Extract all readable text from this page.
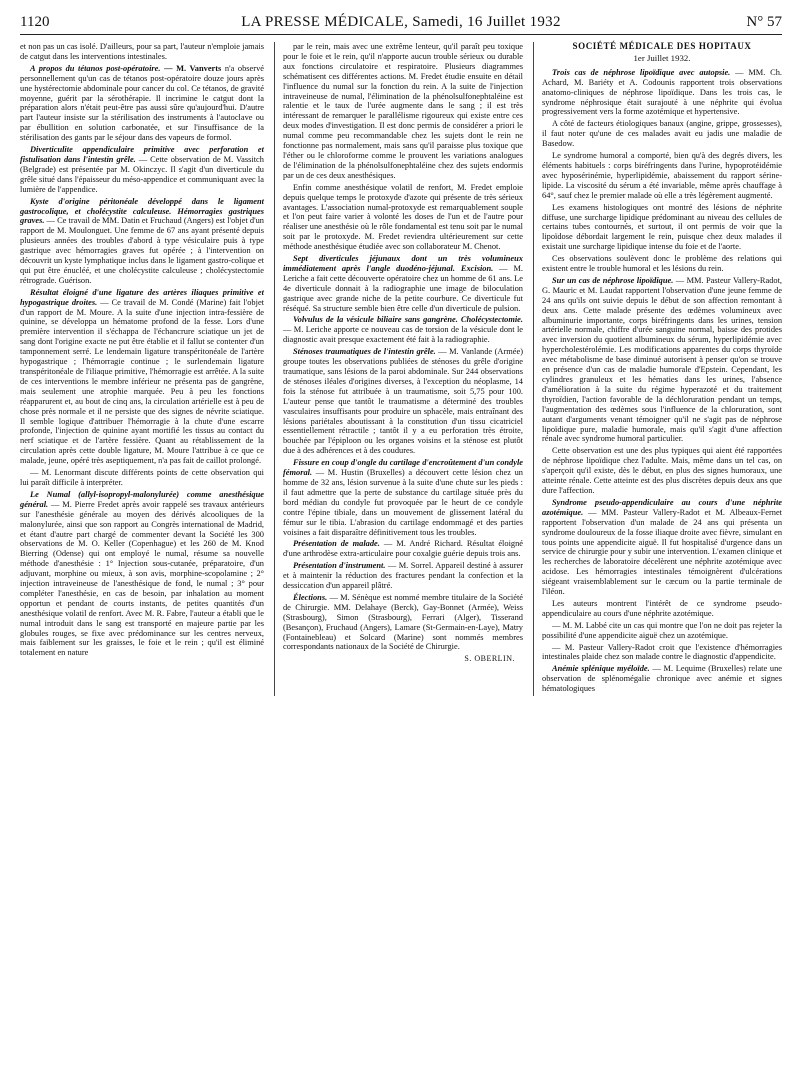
1120	LA PRESSE MÉDICALE, Samedi, 16 Juillet 1932	N° 57

et non pas un cas isolé. D'ailleurs, pour sa part, l'auteur n'emploie jamais de catgut dans les interventions intestinales.

A propos du tétanos post-opératoire. — M. Vanverts n'a observé personnellement qu'un cas de tétanos post-opératoire douze jours après une hystérectomie abdominale pour cancer du col. Ce tétanos, de gravité moyenne, guérit par la sérothérapie. Il incrimine le catgut dont la préparation alors n'était peut-être pas aussi sûre qu'aujourd'hui. D'autre part l'auteur insiste sur la stérilisation des instruments à l'autoclave ou par ébullition en solution carbonatée, et sur l'insuffisance de la stérilisation des gants par le séjour dans des vapeurs de formol.

Diverticulite appendiculaire primitive avec perforation et fistulisation dans l'intestin grêle. — Cette observation de M. Vassitch (Belgrade) est présentée par M. Okinczyc. Il s'agit d'un diverticule du grêle situé dans l'épaisseur du méso-appendice et communiquant avec la lumière de l'appendice.

Kyste d'origine péritonéale développé dans le ligament gastrocolique, et cholécystite calculeuse. Hémorragies gastriques graves. — Ce travail de MM. Datin et Fruchaud (Angers) est l'objet d'un rapport de M. Moulonguet. Une femme de 67 ans ayant présenté depuis plusieurs années des troubles d'abord à type vésiculaire puis à type gastrique avec hémorragies graves fut opérée ; à l'intervention on découvrit un kyste lymphatique inclus dans le ligament gastro-colique et qui put être énucléé, et une cholécystite calculeuse ; cholécystectomie rétrograde. Guérison.

Résultat éloigné d'une ligature des artères iliaques primitive et hypogastrique droites. — Ce travail de M. Condé (Marine) fait l'objet d'un rapport de M. Moure. A la suite d'une injection intra-fessière de quinine, se développa un hématome profond de la fesse. Lors d'une première intervention il s'échappa de l'échancrure sciatique un jet de sang dont l'origine exacte ne put être établie et il fallut se contenter d'un tamponnement serré. Le lendemain ligature transpéritonéale de l'artère hypogastrique ; l'hémorragie continue ; le surlendemain ligature transpéritonéale de l'iliaque primitive, l'hémorragie est arrêtée. A la suite de ces interventions le membre inférieur ne présenta pas de gangrène, mais seulement une atrophie marquée. Peu à peu les fonctions réapparurent et, au bout de cinq ans, la circulation artérielle est à peu de chose près normale et il ne persiste que des signes de névrite sciatique. Il semble logique d'attribuer l'hémorragie à la chute d'une escarre profonde, l'injection de quinine ayant mortifié les tissus au contact du nerf sciatique et de l'artère fessière. Quant au rétablissement de la circulation après cette double ligature, M. Moure l'attribue à ce que ce malade, jeune, opéré très aseptiquement, n'a pas fait de caillot prolongé.

— M. Lenormant discute différents points de cette observation qui lui paraît difficile à interpréter.

Le Numal (allyl-isopropyl-malonylurée) comme anesthésique général. — M. Pierre Fredet après avoir rappelé ses travaux antérieurs sur l'anesthésie générale au moyen des dérivés alcooliques de la malonylurée, ainsi que son rapport au Congrès international de Madrid, et étant d'autre part chargé de commenter devant la Société les 300 observations de M. O. Keller (Copenhague) et les 260 de M. Knod Bierring (Odense) qui ont employé le numal, résume sa nouvelle méthode d'anesthésie : 1° Injection sous-cutanée, préparatoire, d'un adjuvant, morphine ou mieux, à son avis, morphine-scopolamine ; 2° injection intraveineuse de l'anesthésique de fond, le numal ; 3° pour compléter l'anesthésie, en cas de besoin, par inhalation au moment opportun et pendant de courts instants, de petites quantités d'un anesthésique volatil de renfort. Avec M. R. Fabre, l'auteur a établi que le numal introduit dans le sang est transporté en majeure partie par les globules rouges, se fixe avec prédominance sur les centres nerveux, mais faiblement sur les graisses, le foie et le rein ; qu'il est éliminé totalement en nature

par le rein, mais avec une extrême lenteur, qu'il paraît peu toxique pour le foie et le rein, qu'il n'apporte aucun trouble sérieux ou durable aux fonctions circulatoire et respiratoire. Plusieurs diagrammes schématisent ces différentes actions. M. Fredet étudie ensuite en détail l'influence du numal sur la fonction du rein. A la suite de l'injection intraveineuse de numal, l'élimination de la phénolsulfonephtaléine est ralentie et le taux de l'urée augmente dans le sang ; il est très intéressant de remarquer le parallélisme rigoureux qui existe entre ces deux modes d'investigation. Il est donc permis de considérer a priori le numal comme peu recommandable chez les sujets dont le rein ne fonctionne pas normalement, mais sans qu'il paraisse plus toxique que l'éther ou le chloroforme comme le prouvent les variations analogues de l'élimination de la phénolsulfonephtaléine chez des sujets endormis par un de ces deux anesthésiques.

Enfin comme anesthésique volatil de renfort, M. Fredet emploie depuis quelque temps le protoxyde d'azote qui présente de très sérieux avantages. L'association numal-protoxyde est remarquablement souple et l'on peut faire varier à volonté les doses de l'un et de l'autre pour réaliser une anesthésie où le rôle fondamental est tenu soit par le numal soit par le protoxyde. M. Fredet reviendra ultérieurement sur cette méthode anesthésique étudiée avec son collaborateur M. Chenot.

Sept diverticules jéjunaux dont un très volumineux immédiatement après l'angle duodéno-jéjunal. Excision. — M. Leriche a fait cette découverte opératoire chez un homme de 61 ans. Le 4e diverticule donnait à la radiographie une image de biloculation gastrique avec grande niche de la petite courbure. Ce diverticule fut réséqué. Sa structure semble bien être celle d'un diverticule de pulsion.

Volvulus de la vésicule biliaire sans gangrène. Cholécystectomie. — M. Leriche apporte ce nouveau cas de torsion de la vésicule dont le diagnostic avait presque exactement été fait à la radiographie.

Sténoses traumatiques de l'intestin grêle. — M. Vanlande (Armée) groupe toutes les observations publiées de sténoses du grêle d'origine traumatique, sans lésions de la paroi abdominale. Sur 244 observations de sténoses iléales d'origines diverses, à l'exception du néoplasme, 14 fois la sténose fut attribuée à un traumatisme, soit 5,75 pour 100. L'auteur pense que tantôt le traumatisme a déterminé des troubles vasculaires insuffisants pour produire un sphacèle, mais entraînant des lésions pariétales aboutissant à la constitution d'un tissu cicatriciel essentiellement rétractile ; tantôt il y a eu perforation très étroite, bouchée par l'épiploon ou les organes voisins et la sténose est plutôt due à des adhérences et à des coudures.

Fissure en coup d'ongle du cartilage d'encroûtement d'un condyle fémoral. — M. Hustin (Bruxelles) a découvert cette lésion chez un homme de 32 ans, lésion survenue à la suite d'une chute sur les pieds : il faut admettre que la perte de substance du cartilage située près du bord médian du condyle fut provoquée par le heurt de ce condyle contre l'épine tibiale, dans un mouvement de glissement latéral du fémur sur le tibia. L'abrasion du cartilage endommagé et des parties voisines a fait disparaître définitivement tous les troubles.

Présentation de malade. — M. André Richard. Résultat éloigné d'une arthrodèse extra-articulaire pour coxalgie guérie depuis trois ans.

Présentation d'instrument. — M. Sorrel. Appareil destiné à assurer et à maintenir la réduction des fractures pendant la confection et la dessiccation d'un appareil plâtré.

Élections. — M. Sénèque est nommé membre titulaire de la Société de Chirurgie. MM. Delahaye (Berck), Gay-Bonnet (Armée), Weiss (Strasbourg), Simon (Strasbourg), Ferrari (Alger), Tisserand (Besançon), Fruchaud (Angers), Lamare (St-Germain-en-Laye), Matry (Fontainebleau) et Solcard (Marine) sont nommés membres correspondants nationaux de la Société de Chirurgie.

S. OBERLIN.
SOCIÉTÉ MÉDICALE DES HOPITAUX
1er Juillet 1932.

Trois cas de néphrose lipoïdique avec autopsie. — MM. Ch. Achard, M. Bariéty et A. Codounis rapportent trois observations anatomo-cliniques de néphrose lipoïdique. Dans les trois cas, le syndrome néphrosique était surajouté à une néphrite qui évolua progressivement vers la forme azotémique et hypertensive.

A côté de facteurs étiologiques banaux (angine, grippe, grossesses), il faut noter qu'une de ces malades avait eu jadis une maladie de Basedow.

Le syndrome humoral a comporté, bien qu'à des degrés divers, les éléments habituels : corps biréfringents dans l'urine, hypoprotéidémie avec hyposérinémie, hyperlipidémie, abaissement du rapport sérine-lipide. La viscosité du sérum a été invariable, même après chauffage à 64°, sauf chez le premier malade où elle a très légèrement augmenté.

Les examens histologiques ont montré des lésions de néphrite diffuse, une surcharge lipidique prédominant au niveau des cellules de certains tubes contournés, et surtout, il ont permis de voir que la lipoïdose débordait largement le rein, puisque chez deux malades il existait une surcharge lipidique intense du foie et de l'aorte.

Ces observations soulèvent donc le problème des relations qui existent entre le trouble humoral et les lésions du rein.

Sur un cas de néphrose lipoïdique. — MM. Pasteur Vallery-Radot, G. Mauric et M. Laudat rapportent l'observation d'une jeune femme de 24 ans qu'ils ont suivie depuis le début de son affection remontant à deux ans. Cette malade présente des œdèmes volumineux avec albuminurie importante, corps biréfringents dans les urines, tension artérielle normale, chiffre d'urée sanguine normal, baisse des protides avec inversion du quotient albumineux du sérum, hyperlipidémie avec hypercholestérolémie. Les modifications apparentes du corps thyroïde avec métabolisme de base diminué autorisent à penser qu'on se trouve en présence d'un cas de maladie humorale d'Epstein. Cependant, les cylindres granuleux et les hématies dans les urines, l'absence d'amélioration à la suite du régime hyperazoté et du traitement thyroïdien, l'action favorable de la déchloruration pendant un temps, l'augmentation des œdèmes sous l'influence de la chloruration, sont autant d'arguments venant témoigner qu'il ne s'agit pas de néphrose lipoïdique pure, maladie humorale, mais qu'il s'agit d'une affection rénale avec syndrome humoral particulier.

Cette observation est une des plus typiques qui aient été rapportées de néphrose lipoïdique chez l'adulte. Mais, même dans un tel cas, on s'aperçoit qu'il existe, dès le début, en plus des signes humoraux, une atteinte rénale. Cette atteinte est des plus discrètes depuis deux ans que dure l'affection.

Syndrome pseudo-appendiculaire au cours d'une néphrite azotémique. — MM. Pasteur Vallery-Radot et M. Albeaux-Fernet rapportent l'observation d'un malade de 24 ans qui présenta un syndrome douloureux de la fosse iliaque droite avec fièvre, simulant en tous points une appendicite aiguë. Il fut hospitalisé d'urgence dans un service de chirurgie pour y subir une intervention. L'examen clinique et les recherches de laboratoire décelèrent une néphrite azotémique avec acidose. Les hémorragies intestinales témoignèrent d'ulcérations siégeant vraisemblablement sur le cæcum ou la partie terminale de l'iléon.

Les auteurs montrent l'intérêt de ce syndrome pseudo-appendiculaire au cours d'une néphrite azotémique.

— M. M. Labbé cite un cas qui montre que l'on ne doit pas rejeter la possibilité d'une appendicite aiguë chez un azotémique.

— M. Pasteur Vallery-Radot croit que l'existence d'hémorragies intestinales plaide chez son malade contre le diagnostic d'appendicite.

Anémie splénique myéloïde. — M. Lequime (Bruxelles) relate une observation de splénomégalie chronique avec anémie et signes hématologiques
